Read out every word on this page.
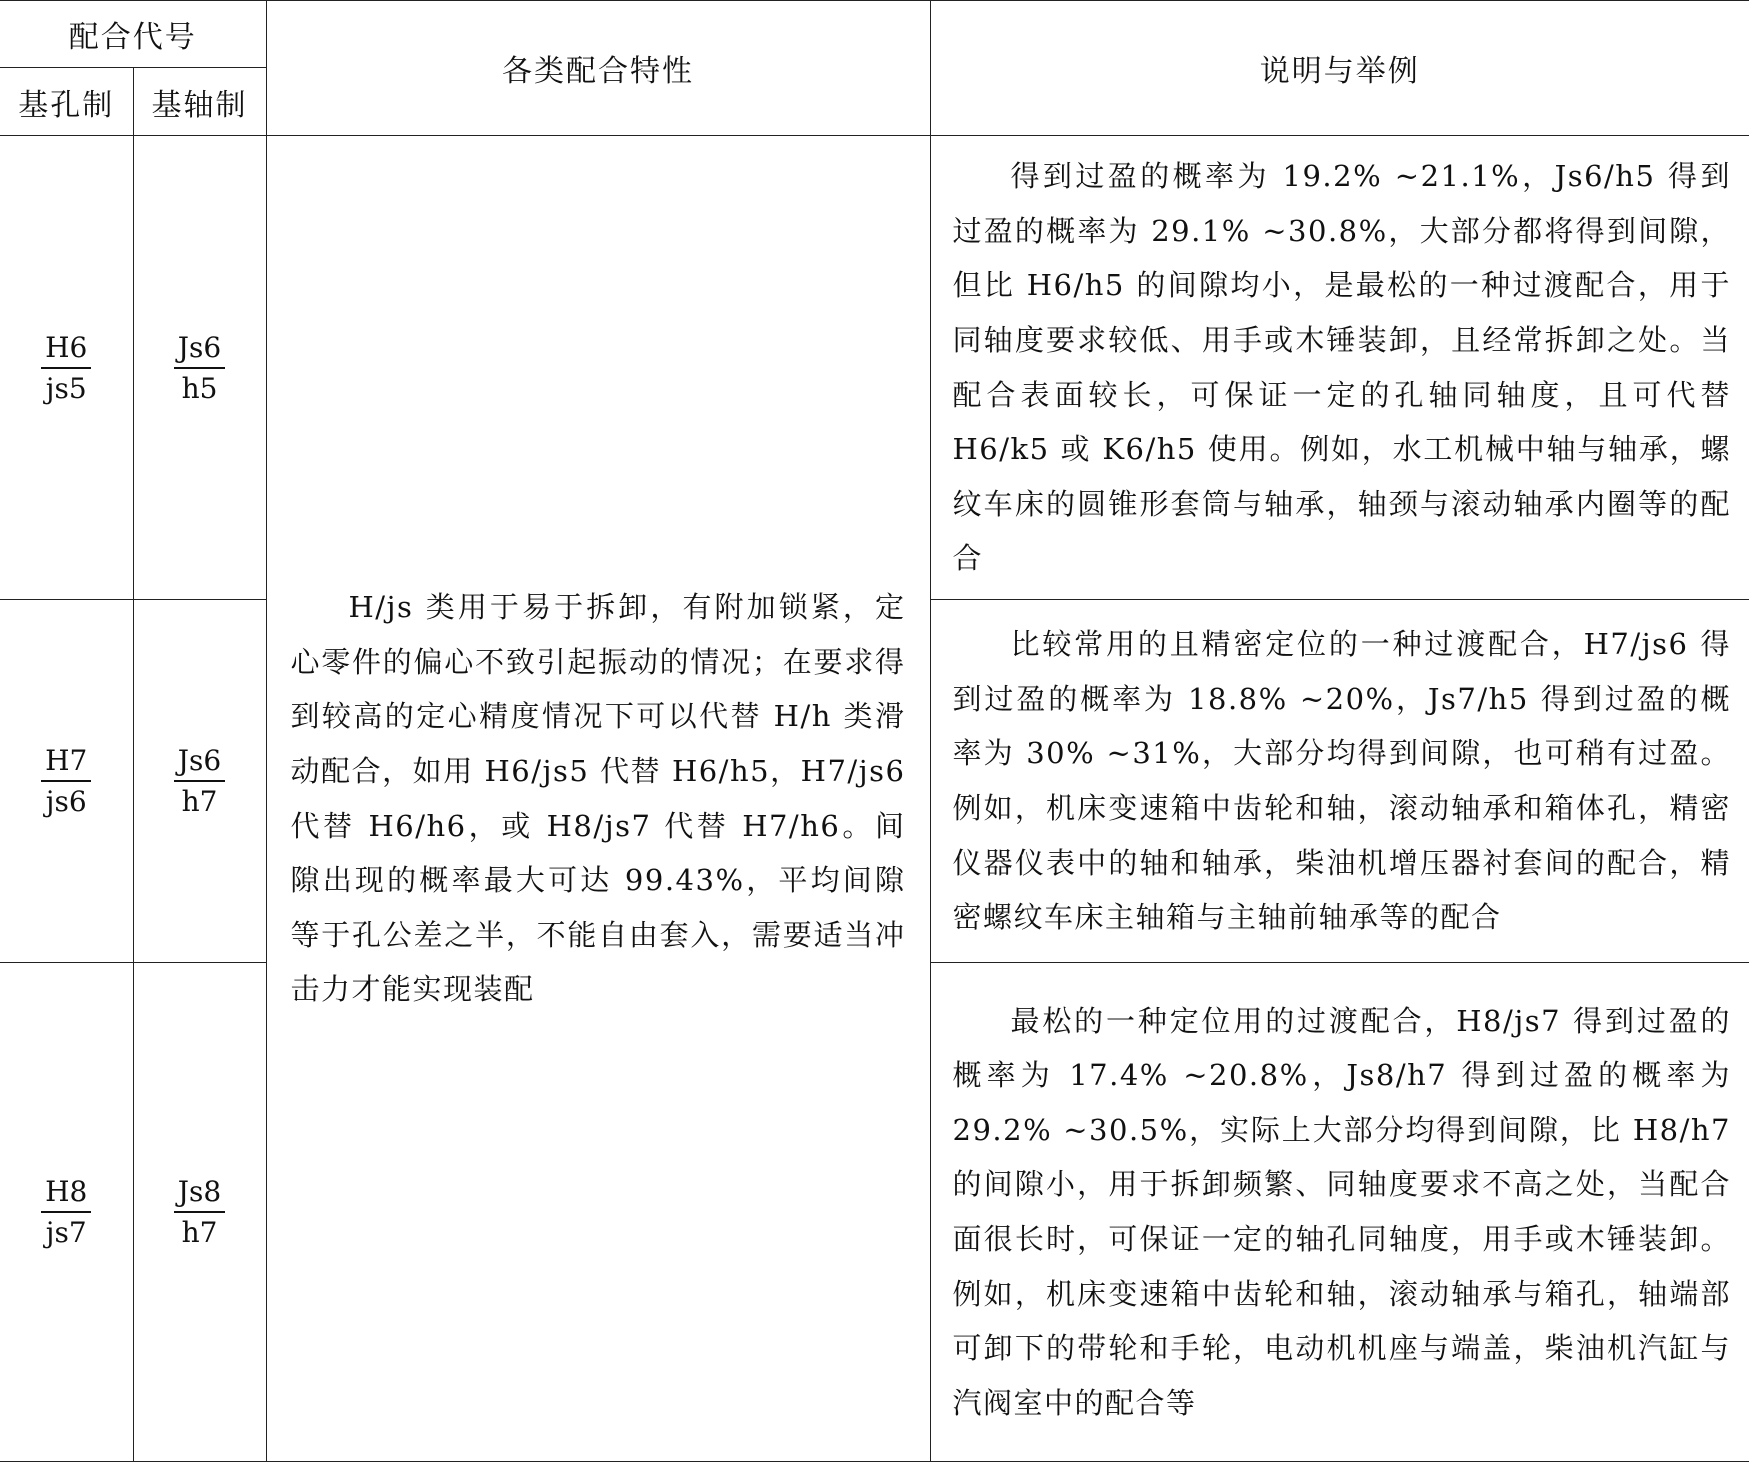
配合代号		各类配合特性	说明与举例
基孔制	基轴制		

$\frac{H6}{js5}$	$\frac{Js6}{h5}$	H/js 类用于易于拆卸，有附加锁紧，定心零件的偏心不致引起振动的情况；在要求得到较高的定心精度情况下可以代替 H/h 类滑动配合，如用 H6/js5 代替 H6/h5，H7/js6 代替 H6/h6，或 H8/js7 代替 H7/h6。间隙出现的概率最大可达 99.43%，平均间隙等于孔公差之半，不能自由套入，需要适当冲击力才能实现装配	得到过盈的概率为 19.2% ~21.1%，Js6/h5 得到过盈的概率为 29.1% ~30.8%，大部分都将得到间隙，但比 H6/h5 的间隙均小，是最松的一种过渡配合，用于同轴度要求较低、用手或木锤装卸，且经常拆卸之处。当配合表面较长，可保证一定的孔轴同轴度，且可代替 H6/k5 或 K6/h5 使用。例如，水工机械中轴与轴承，螺纹车床的圆锥形套筒与轴承，轴颈与滚动轴承内圈等的配合

$\frac{H7}{js6}$	$\frac{Js6}{h7}$		比较常用的且精密定位的一种过渡配合，H7/js6 得到过盈的概率为 18.8% ~20%，Js7/h5 得到过盈的概率为 30% ~31%，大部分均得到间隙，也可稍有过盈。例如，机床变速箱中齿轮和轴，滚动轴承和箱体孔，精密仪器仪表中的轴和轴承，柴油机增压器衬套间的配合，精密螺纹车床主轴箱与主轴前轴承等的配合

$\frac{H8}{js7}$	$\frac{Js8}{h7}$		最松的一种定位用的过渡配合，H8/js7 得到过盈的概率为 17.4% ~20.8%，Js8/h7 得到过盈的概率为 29.2% ~30.5%，实际上大部分均得到间隙，比 H8/h7 的间隙小，用于拆卸频繁、同轴度要求不高之处，当配合面很长时，可保证一定的轴孔同轴度，用手或木锤装卸。例如，机床变速箱中齿轮和轴，滚动轴承与箱孔，轴端部可卸下的带轮和手轮，电动机机座与端盖，柴油机汽缸与汽阀室中的配合等
